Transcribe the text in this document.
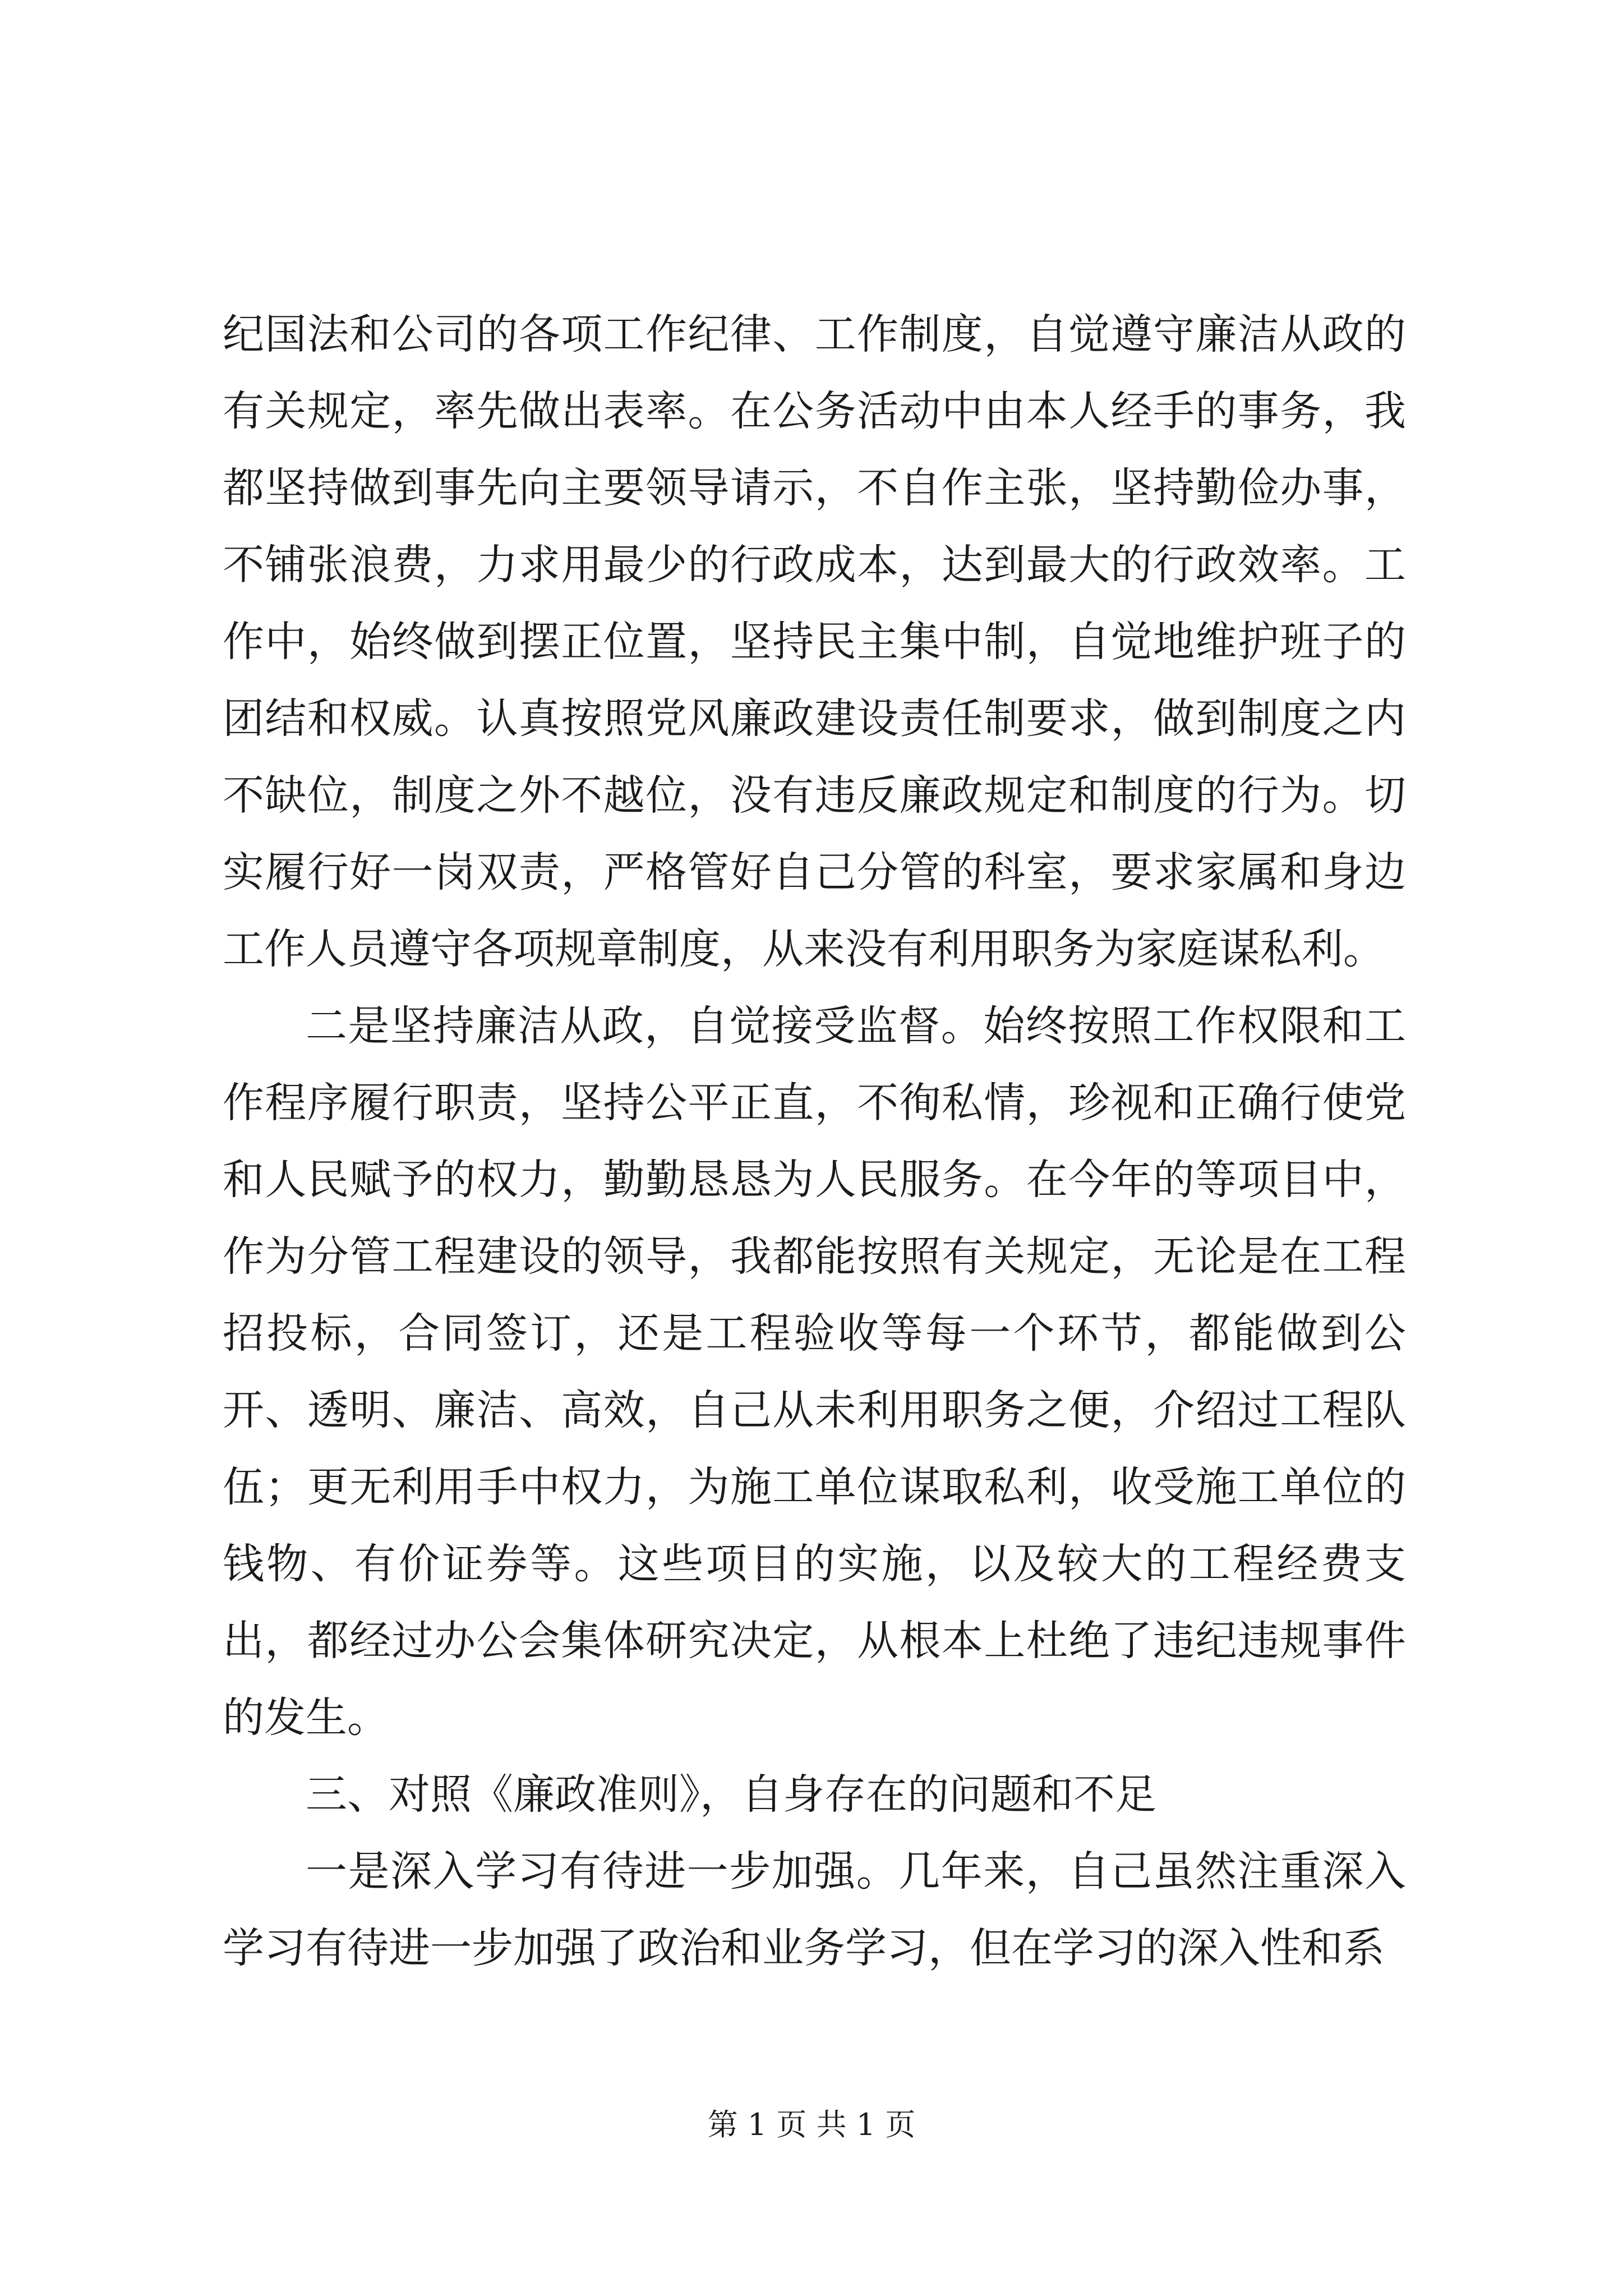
纪国法和公司的各项工作纪律、工作制度，自觉遵守廉洁从政的有关规定，率先做出表率。在公务活动中由本人经手的事务，我都坚持做到事先向主要领导请示，不自作主张，坚持勤俭办事，不铺张浪费，力求用最少的行政成本，达到最大的行政效率。工作中，始终做到摆正位置，坚持民主集中制，自觉地维护班子的团结和权威。认真按照党风廉政建设责任制要求，做到制度之内不缺位，制度之外不越位，没有违反廉政规定和制度的行为。切实履行好一岗双责，严格管好自己分管的科室，要求家属和身边工作人员遵守各项规章制度，从来没有利用职务为家庭谋私利。

二是坚持廉洁从政，自觉接受监督。始终按照工作权限和工作程序履行职责，坚持公平正直，不徇私情，珍视和正确行使党和人民赋予的权力，勤勤恳恳为人民服务。在今年的等项目中，作为分管工程建设的领导，我都能按照有关规定，无论是在工程招投标，合同签订，还是工程验收等每一个环节，都能做到公开、透明、廉洁、高效，自己从未利用职务之便，介绍过工程队伍；更无利用手中权力，为施工单位谋取私利，收受施工单位的钱物、有价证券等。这些项目的实施，以及较大的工程经费支出，都经过办公会集体研究决定，从根本上杜绝了违纪违规事件的发生。

三、对照《廉政准则》，自身存在的问题和不足

一是深入学习有待进一步加强。几年来，自己虽然注重深入学习有待进一步加强了政治和业务学习，但在学习的深入性和系

第 1 页 共 1 页
